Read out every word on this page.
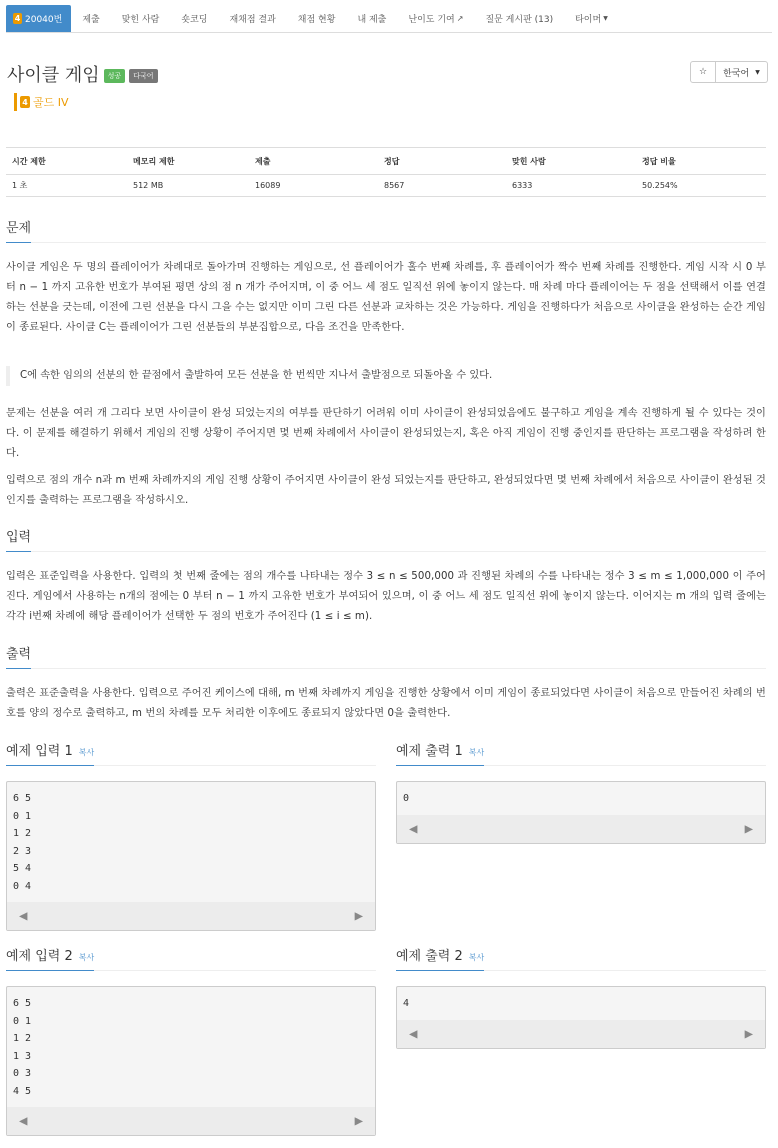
4 20040번	제출	맞힌 사람	숏코딩	재채점 결과	채점 현황	내 제출	난이도 기여 ↗	질문 게시판 (13)	타이머 ▼
사이클 게임	성공	다국어	☆ 한국어 ▼
4 골드 IV
시간 제한	메모리 제한	제출	정답	맞힌 사람	정답 비율
1 초	512 MB	16089	8567	6333	50.254%
문제
사이클 게임은 두 명의 플레이어가 차례대로 돌아가며 진행하는 게임으로, 선 플레이어가 홀수 번째 차례를, 후 플레이어가 짝수 번째 차례를 진행한다. 게임 시작 시 0 부터 n − 1 까지 고유한 번호가 부여된 평면 상의 점 n 개가 주어지며, 이 중 어느 세 점도 일직선 위에 놓이지 않는다. 매 차례 마다 플레이어는 두 점을 선택해서 이를 연결하는 선분을 긋는데, 이전에 그린 선분을 다시 그을 수는 없지만 이미 그린 다른 선분과 교차하는 것은 가능하다. 게임을 진행하다가 처음으로 사이클을 완성하는 순간 게임이 종료된다. 사이클 C는 플레이어가 그린 선분들의 부분집합으로, 다음 조건을 만족한다.
C에 속한 임의의 선분의 한 끝점에서 출발하여 모든 선분을 한 번씩만 지나서 출발점으로 되돌아올 수 있다.
문제는 선분을 여러 개 그리다 보면 사이클이 완성 되었는지의 여부를 판단하기 어려워 이미 사이클이 완성되었음에도 불구하고 게임을 계속 진행하게 될 수 있다는 것이다. 이 문제를 해결하기 위해서 게임의 진행 상황이 주어지면 몇 번째 차례에서 사이클이 완성되었는지, 혹은 아직 게임이 진행 중인지를 판단하는 프로그램을 작성하려 한다.
입력으로 점의 개수 n과 m 번째 차례까지의 게임 진행 상황이 주어지면 사이클이 완성 되었는지를 판단하고, 완성되었다면 몇 번째 차례에서 처음으로 사이클이 완성된 것인지를 출력하는 프로그램을 작성하시오.
입력
입력은 표준입력을 사용한다. 입력의 첫 번째 줄에는 점의 개수를 나타내는 정수 3 ≤ n ≤ 500,000 과 진행된 차례의 수를 나타내는 정수 3 ≤ m ≤ 1,000,000 이 주어진다. 게임에서 사용하는 n개의 점에는 0 부터 n − 1 까지 고유한 번호가 부여되어 있으며, 이 중 어느 세 점도 일직선 위에 놓이지 않는다. 이어지는 m 개의 입력 줄에는 각각 i번째 차례에 해당 플레이어가 선택한 두 점의 번호가 주어진다 (1 ≤ i ≤ m).
출력
출력은 표준출력을 사용한다. 입력으로 주어진 케이스에 대해, m 번째 차례까지 게임을 진행한 상황에서 이미 게임이 종료되었다면 사이클이 처음으로 만들어진 차례의 번호를 양의 정수로 출력하고, m 번의 차례를 모두 처리한 이후에도 종료되지 않았다면 0을 출력한다.
예제 입력 1 복사	예제 출력 1 복사
6 5
0 1
1 2
2 3
5 4
0 4
◀	▶
0
◀	▶
예제 입력 2 복사	예제 출력 2 복사
6 5
0 1
1 2
1 3
0 3
4 5
◀	▶
4
◀	▶
